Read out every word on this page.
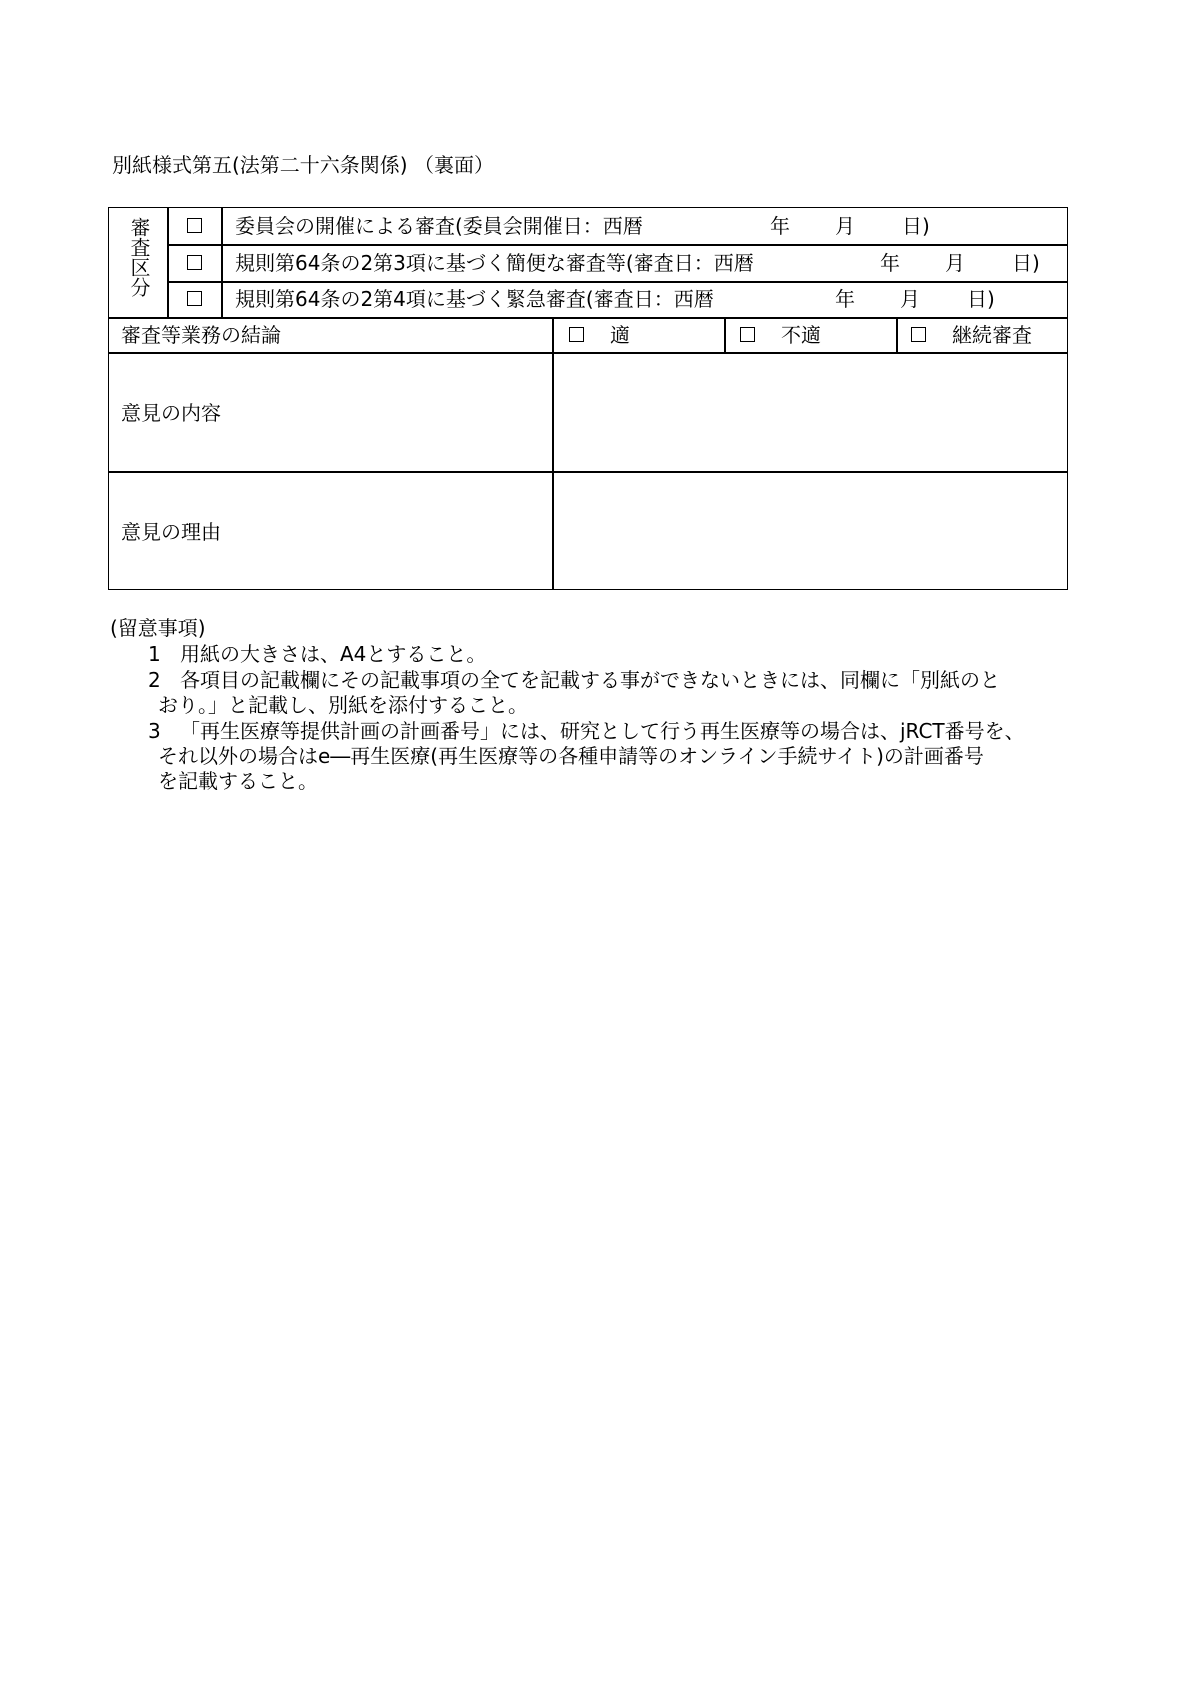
別紙様式第五(法第二十六条関係) （裏面）
審査区分	委員会の開催による審査(委員会開催日：西暦	年 月 日)
規則第64条の2第3項に基づく簡便な審査等(審査日：西暦	年 月 日)
規則第64条の2第4項に基づく緊急審査(審査日：西暦	年 月 日)
審査等業務の結論	適	不適	継続審査
意見の内容
意見の理由
(留意事項)
1 用紙の大きさは、A4とすること。
2 各項目の記載欄にその記載事項の全てを記載する事ができないときには、同欄に「別紙のと
おり。」と記載し、別紙を添付すること。
3 「再生医療等提供計画の計画番号」には、研究として行う再生医療等の場合は、jRCT番号を、
それ以外の場合はe―再生医療(再生医療等の各種申請等のオンライン手続サイト)の計画番号
を記載すること。
